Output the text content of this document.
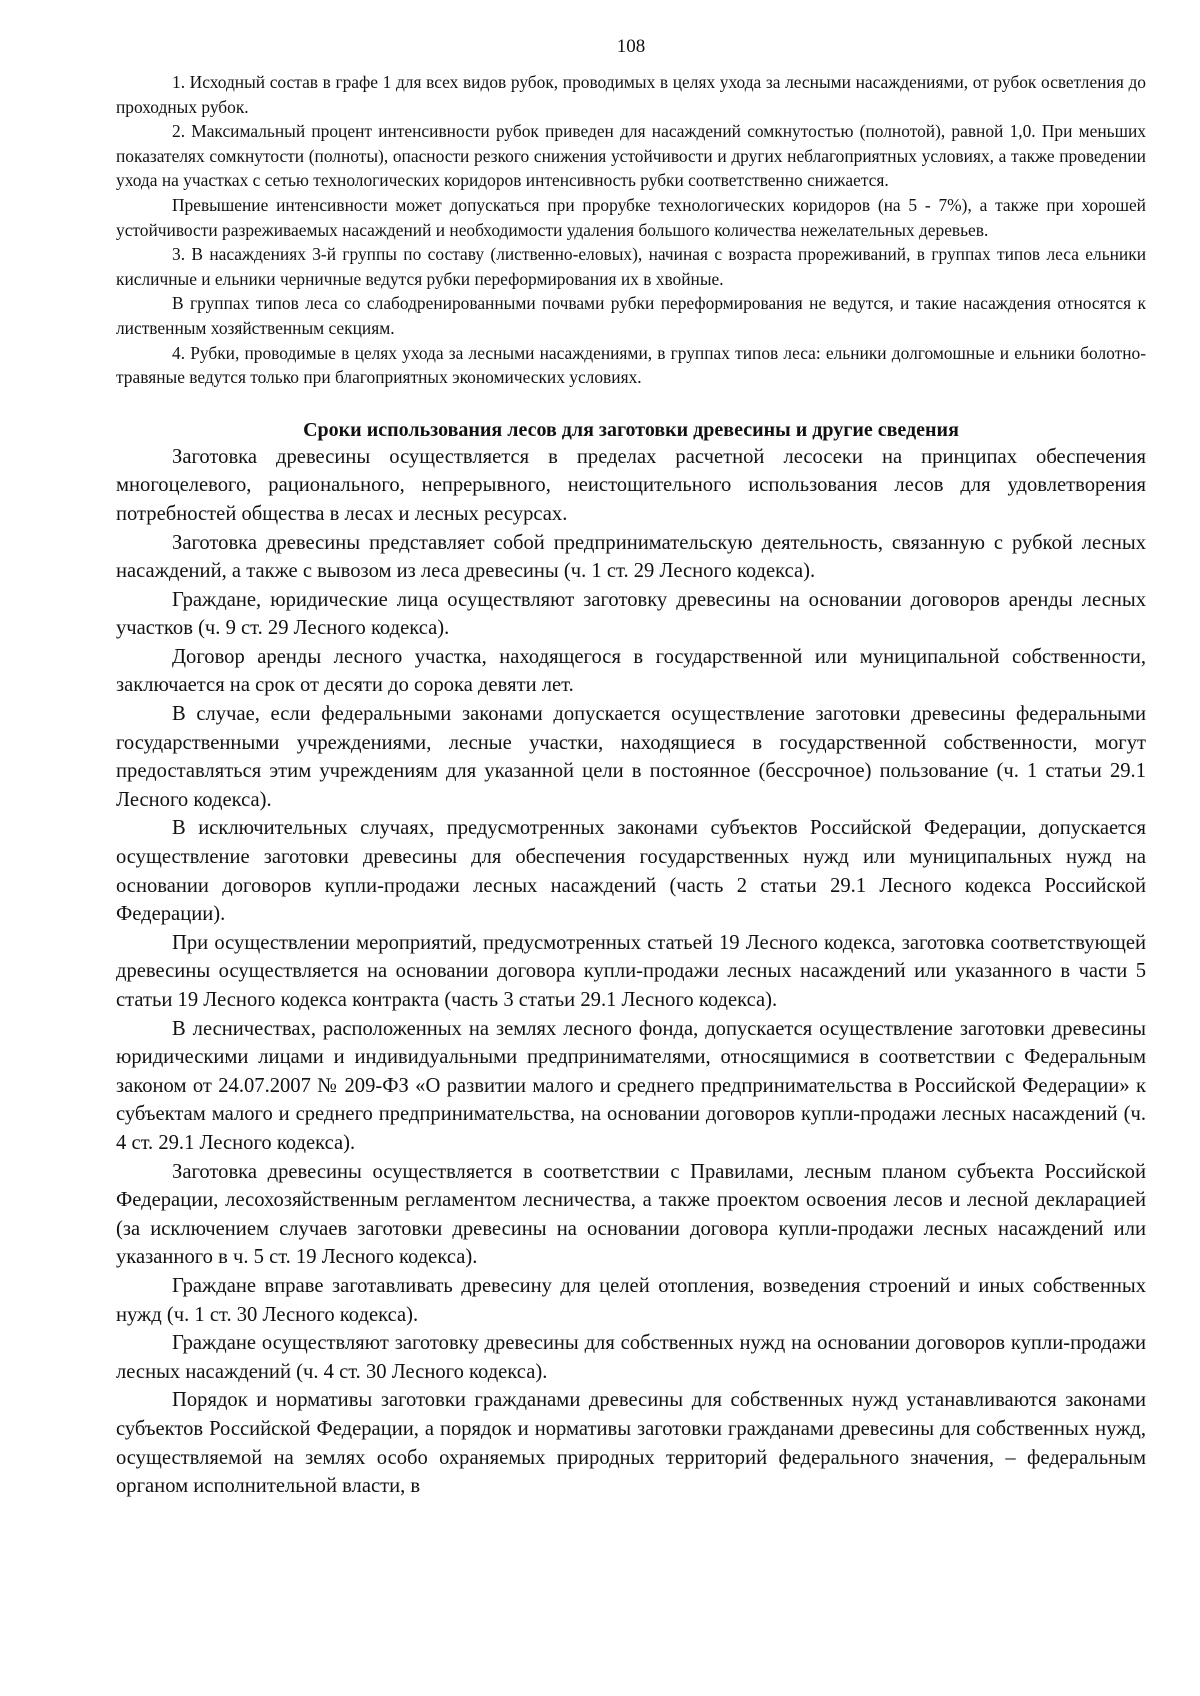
108

1. Исходный состав в графе 1 для всех видов рубок, проводимых в целях ухода за лесными насаждениями, от рубок осветления до проходных рубок.

2. Максимальный процент интенсивности рубок приведен для насаждений сомкнутостью (полнотой), равной 1,0. При меньших показателях сомкнутости (полноты), опасности резкого снижения устойчивости и других неблагоприятных условиях, а также проведении ухода на участках с сетью технологических коридоров интенсивность рубки соответственно снижается.

Превышение интенсивности может допускаться при прорубке технологических коридоров (на 5 - 7%), а также при хорошей устойчивости разреживаемых насаждений и необходимости удаления большого количества нежелательных деревьев.

3. В насаждениях 3-й группы по составу (лиственно-еловых), начиная с возраста прореживаний, в группах типов леса ельники кисличные и ельники черничные ведутся рубки переформирования их в хвойные.

В группах типов леса со слабодренированными почвами рубки переформирования не ведутся, и такие насаждения относятся к лиственным хозяйственным секциям.

4. Рубки, проводимые в целях ухода за лесными насаждениями, в группах типов леса: ельники долгомошные и ельники болотно-травяные ведутся только при благоприятных экономических условиях.

Сроки использования лесов для заготовки древесины и другие сведения

Заготовка древесины осуществляется в пределах расчетной лесосеки на принципах обеспечения многоцелевого, рационального, непрерывного, неистощительного использования лесов для удовлетворения потребностей общества в лесах и лесных ресурсах.

Заготовка древесины представляет собой предпринимательскую деятельность, связанную с рубкой лесных насаждений, а также с вывозом из леса древесины (ч. 1 ст. 29 Лесного кодекса).

Граждане, юридические лица осуществляют заготовку древесины на основании договоров аренды лесных участков (ч. 9 ст. 29 Лесного кодекса).

Договор аренды лесного участка, находящегося в государственной или муниципальной собственности, заключается на срок от десяти до сорока девяти лет.

В случае, если федеральными законами допускается осуществление заготовки древесины федеральными государственными учреждениями, лесные участки, находящиеся в государственной собственности, могут предоставляться этим учреждениям для указанной цели в постоянное (бессрочное) пользование (ч. 1 статьи 29.1 Лесного кодекса).

В исключительных случаях, предусмотренных законами субъектов Российской Федерации, допускается осуществление заготовки древесины для обеспечения государственных нужд или муниципальных нужд на основании договоров купли-продажи лесных насаждений (часть 2 статьи 29.1 Лесного кодекса Российской Федерации).

При осуществлении мероприятий, предусмотренных статьей 19 Лесного кодекса, заготовка соответствующей древесины осуществляется на основании договора купли-продажи лесных насаждений или указанного в части 5 статьи 19 Лесного кодекса контракта (часть 3 статьи 29.1 Лесного кодекса).

В лесничествах, расположенных на землях лесного фонда, допускается осуществление заготовки древесины юридическими лицами и индивидуальными предпринимателями, относящимися в соответствии с Федеральным законом от 24.07.2007 № 209-ФЗ «О развитии малого и среднего предпринимательства в Российской Федерации» к субъектам малого и среднего предпринимательства, на основании договоров купли-продажи лесных насаждений (ч. 4 ст. 29.1 Лесного кодекса).

Заготовка древесины осуществляется в соответствии с Правилами, лесным планом субъекта Российской Федерации, лесохозяйственным регламентом лесничества, а также проектом освоения лесов и лесной декларацией (за исключением случаев заготовки древесины на основании договора купли-продажи лесных насаждений или указанного в ч. 5 ст. 19 Лесного кодекса).

Граждане вправе заготавливать древесину для целей отопления, возведения строений и иных собственных нужд (ч. 1 ст. 30 Лесного кодекса).

Граждане осуществляют заготовку древесины для собственных нужд на основании договоров купли-продажи лесных насаждений (ч. 4 ст. 30 Лесного кодекса).

Порядок и нормативы заготовки гражданами древесины для собственных нужд устанавливаются законами субъектов Российской Федерации, а порядок и нормативы заготовки гражданами древесины для собственных нужд, осуществляемой на землях особо охраняемых природных территорий федерального значения, – федеральным органом исполнительной власти, в
